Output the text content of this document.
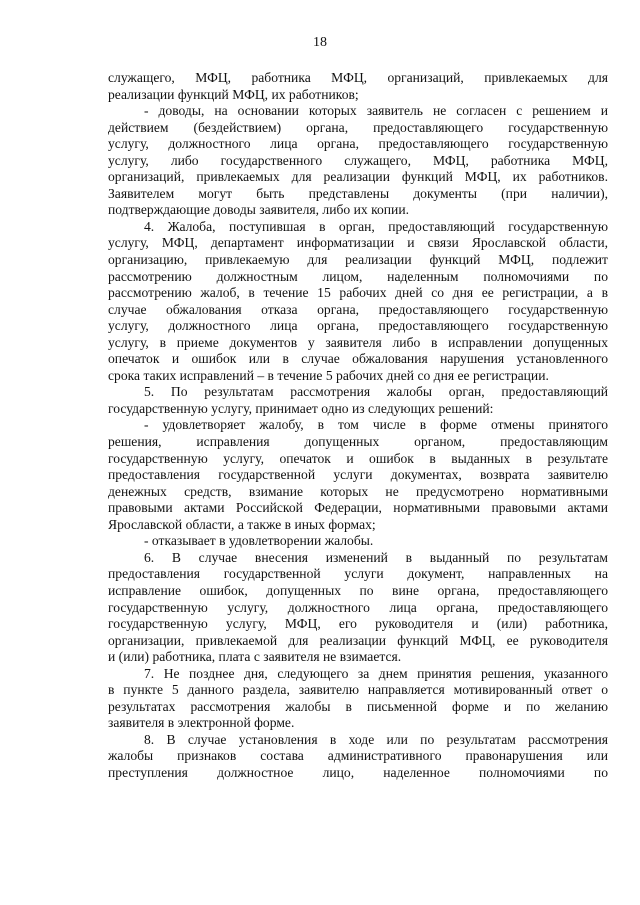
18
служащего, МФЦ, работника МФЦ, организаций, привлекаемых для
реализации функций МФЦ, их работников;
- доводы, на основании которых заявитель не согласен с решением и
действием (бездействием) органа, предоставляющего государственную
услугу, должностного лица органа, предоставляющего государственную
услугу, либо государственного служащего, МФЦ, работника МФЦ,
организаций, привлекаемых для реализации функций МФЦ, их работников.
Заявителем могут быть представлены документы (при наличии),
подтверждающие доводы заявителя, либо их копии.
4. Жалоба, поступившая в орган, предоставляющий государственную
услугу, МФЦ, департамент информатизации и связи Ярославской области,
организацию, привлекаемую для реализации функций МФЦ, подлежит
рассмотрению должностным лицом, наделенным полномочиями по
рассмотрению жалоб, в течение 15 рабочих дней со дня ее регистрации, а в
случае обжалования отказа органа, предоставляющего государственную
услугу, должностного лица органа, предоставляющего государственную
услугу, в приеме документов у заявителя либо в исправлении допущенных
опечаток и ошибок или в случае обжалования нарушения установленного
срока таких исправлений – в течение 5 рабочих дней со дня ее регистрации.
5. По результатам рассмотрения жалобы орган, предоставляющий
государственную услугу, принимает одно из следующих решений:
- удовлетворяет жалобу, в том числе в форме отмены принятого
решения, исправления допущенных органом, предоставляющим
государственную услугу, опечаток и ошибок в выданных в результате
предоставления государственной услуги документах, возврата заявителю
денежных средств, взимание которых не предусмотрено нормативными
правовыми актами Российской Федерации, нормативными правовыми актами
Ярославской области, а также в иных формах;
- отказывает в удовлетворении жалобы.
6. В случае внесения изменений в выданный по результатам
предоставления государственной услуги документ, направленных на
исправление ошибок, допущенных по вине органа, предоставляющего
государственную услугу, должностного лица органа, предоставляющего
государственную услугу, МФЦ, его руководителя и (или) работника,
организации, привлекаемой для реализации функций МФЦ, ее руководителя
и (или) работника, плата с заявителя не взимается.
7. Не позднее дня, следующего за днем принятия решения, указанного
в пункте 5 данного раздела, заявителю направляется мотивированный ответ о
результатах рассмотрения жалобы в письменной форме и по желанию
заявителя в электронной форме.
8. В случае установления в ходе или по результатам рассмотрения
жалобы признаков состава административного правонарушения или
преступления должностное лицо, наделенное полномочиями по
